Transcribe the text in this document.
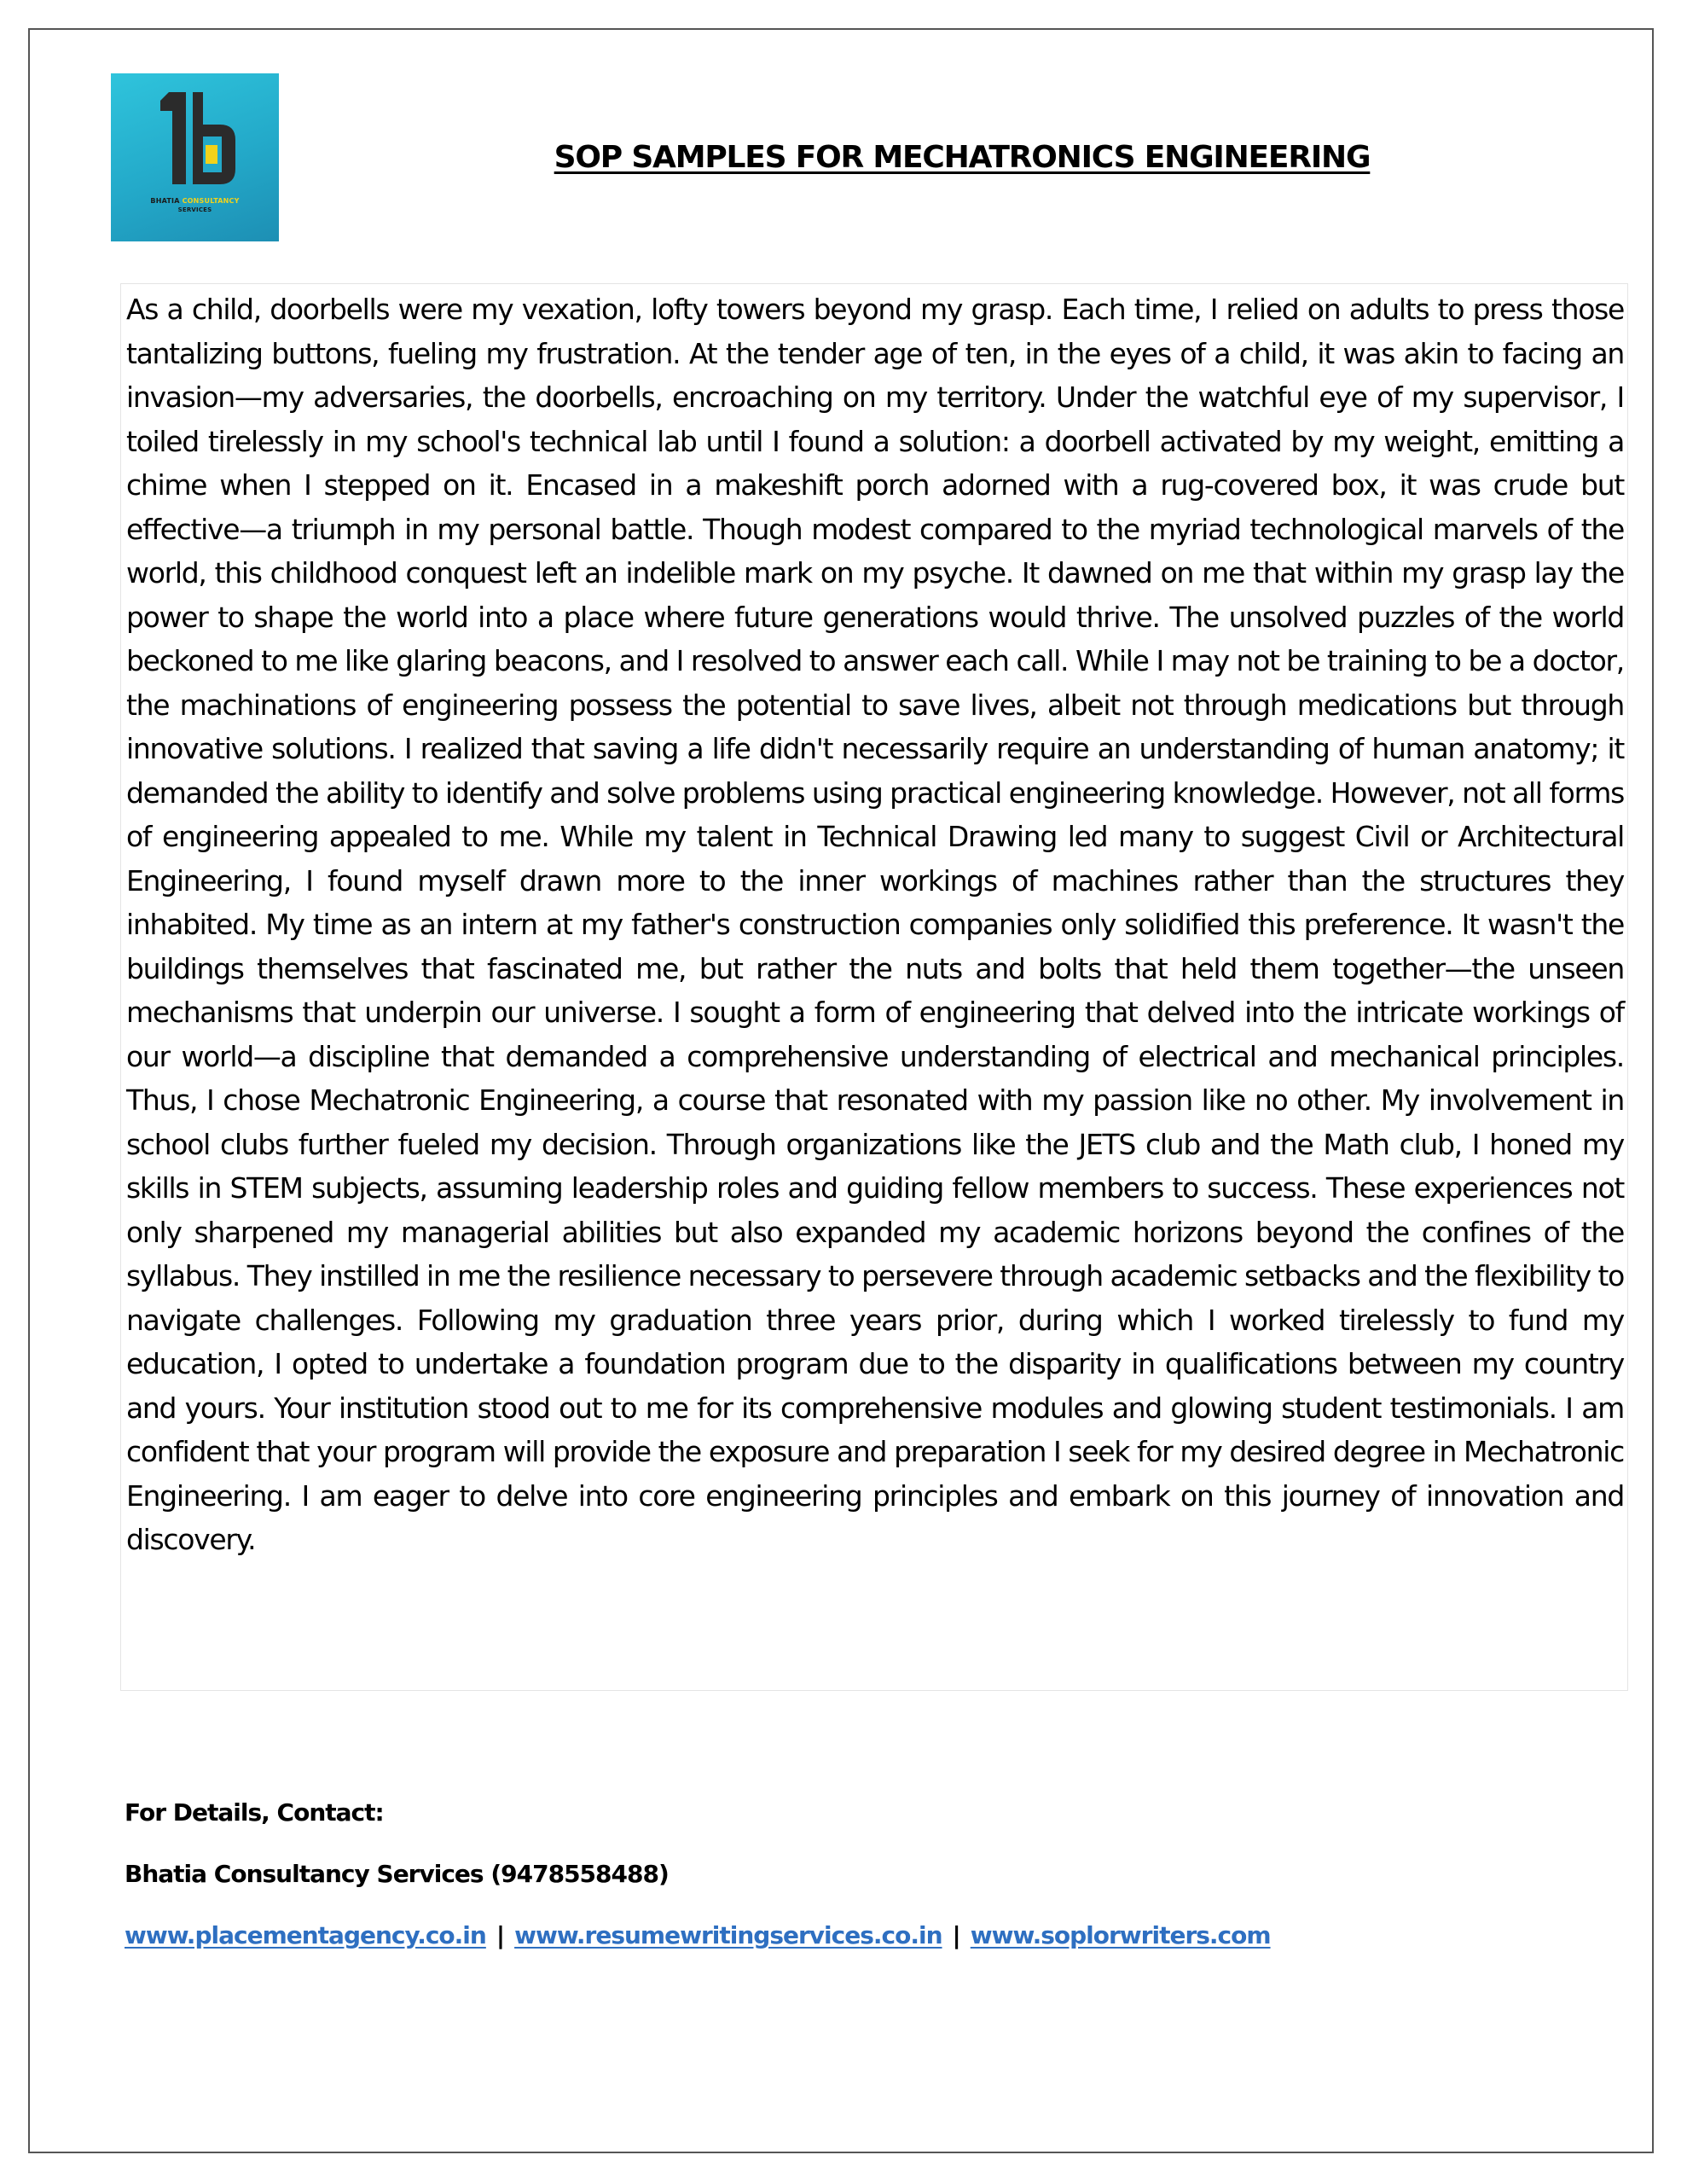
BHATIA CONSULTANCY
SERVICES
SOP SAMPLES FOR MECHATRONICS ENGINEERING

As a child, doorbells were my vexation, lofty towers beyond my grasp. Each time, I relied on adults to press those tantalizing buttons, fueling my frustration. At the tender age of ten, in the eyes of a child, it was akin to facing an invasion—my adversaries, the doorbells, encroaching on my territory. Under the watchful eye of my supervisor, I toiled tirelessly in my school's technical lab until I found a solution: a doorbell activated by my weight, emitting a chime when I stepped on it. Encased in a makeshift porch adorned with a rug-covered box, it was crude but effective—a triumph in my personal battle. Though modest compared to the myriad technological marvels of the world, this childhood conquest left an indelible mark on my psyche. It dawned on me that within my grasp lay the power to shape the world into a place where future generations would thrive. The unsolved puzzles of the world beckoned to me like glaring beacons, and I resolved to answer each call. While I may not be training to be a doctor, the machinations of engineering possess the potential to save lives, albeit not through medications but through innovative solutions. I realized that saving a life didn't necessarily require an understanding of human anatomy; it demanded the ability to identify and solve problems using practical engineering knowledge. However, not all forms of engineering appealed to me. While my talent in Technical Drawing led many to suggest Civil or Architectural Engineering, I found myself drawn more to the inner workings of machines rather than the structures they inhabited. My time as an intern at my father's construction companies only solidified this preference. It wasn't the buildings themselves that fascinated me, but rather the nuts and bolts that held them together—the unseen mechanisms that underpin our universe. I sought a form of engineering that delved into the intricate workings of our world—a discipline that demanded a comprehensive understanding of electrical and mechanical principles. Thus, I chose Mechatronic Engineering, a course that resonated with my passion like no other. My involvement in school clubs further fueled my decision. Through organizations like the JETS club and the Math club, I honed my skills in STEM subjects, assuming leadership roles and guiding fellow members to success. These experiences not only sharpened my managerial abilities but also expanded my academic horizons beyond the confines of the syllabus. They instilled in me the resilience necessary to persevere through academic setbacks and the flexibility to navigate challenges. Following my graduation three years prior, during which I worked tirelessly to fund my education, I opted to undertake a foundation program due to the disparity in qualifications between my country and yours. Your institution stood out to me for its comprehensive modules and glowing student testimonials. I am confident that your program will provide the exposure and preparation I seek for my desired degree in Mechatronic Engineering. I am eager to delve into core engineering principles and embark on this journey of innovation and discovery.

For Details, Contact:
Bhatia Consultancy Services (9478558488)
www.placementagency.co.in | www.resumewritingservices.co.in | www.soplorwriters.com
